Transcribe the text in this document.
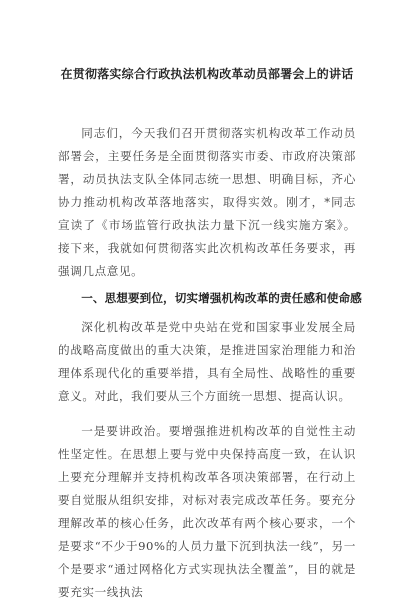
在贯彻落实综合行政执法机构改革动员部署会上的讲话

同志们，今天我们召开贯彻落实机构改革工作动员部署会，主要任务是全面贯彻落实市委、市政府决策部署，动员执法支队全体同志统一思想、明确目标，齐心协力推动机构改革落地落实，取得实效。刚才，*同志宣读了《市场监管行政执法力量下沉一线实施方案》。接下来，我就如何贯彻落实此次机构改革任务要求，再强调几点意见。

一、思想要到位，切实增强机构改革的责任感和使命感

深化机构改革是党中央站在党和国家事业发展全局的战略高度做出的重大决策，是推进国家治理能力和治理体系现代化的重要举措，具有全局性、战略性的重要意义。对此，我们要从三个方面统一思想、提高认识。

一是要讲政治。要增强推进机构改革的自觉性主动性坚定性。在思想上要与党中央保持高度一致，在认识上要充分理解并支持机构改革各项决策部署，在行动上要自觉服从组织安排，对标对表完成改革任务。要充分理解改革的核心任务，此次改革有两个核心要求，一个是要求“不少于90%的人员力量下沉到执法一线”，另一个是要求“通过网格化方式实现执法全覆盖”，目的就是要充实一线执法
